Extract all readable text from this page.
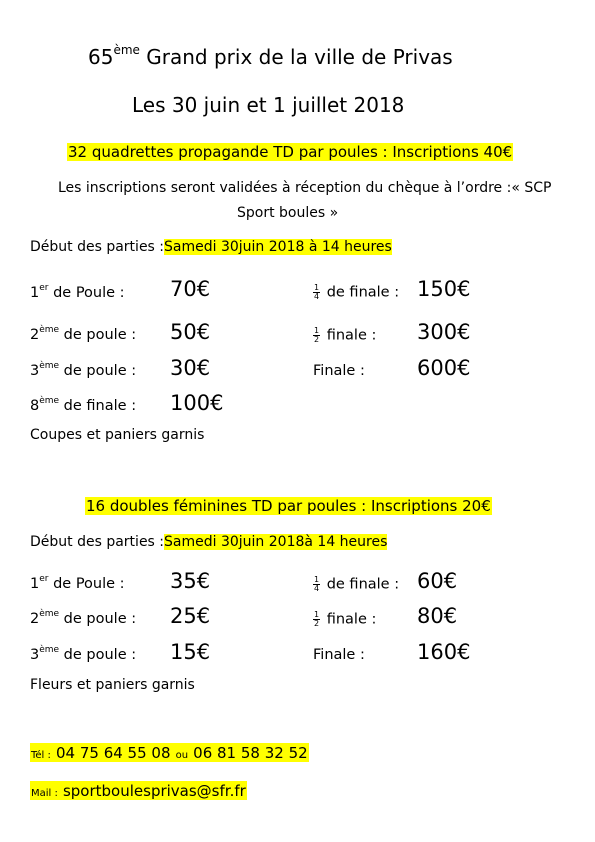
65ème Grand prix de la ville de Privas
Les 30 juin et 1 juillet 2018
32 quadrettes propagande TD par poules : Inscriptions 40€
Les inscriptions seront validées à réception du chèque à l’ordre :« SCP
Sport boules »
Début des parties :Samedi 30juin 2018 à 14 heures
1er de Poule : 70€
2ème de poule : 50€
3ème de poule : 30€
8ème de finale : 100€
$\frac{1}{4}$ de finale : 150€
$\frac{1}{2}$ finale : 300€
Finale : 600€
Coupes et paniers garnis
16 doubles féminines TD par poules : Inscriptions 20€
Début des parties :Samedi 30juin 2018à 14 heures
1er de Poule : 35€
2ème de poule : 25€
3ème de poule : 15€
$\frac{1}{4}$ de finale : 60€
$\frac{1}{2}$ finale : 80€
Finale : 160€
Fleurs et paniers garnis
Tél : 04 75 64 55 08 ou 06 81 58 32 52
Mail : sportboulesprivas@sfr.fr
